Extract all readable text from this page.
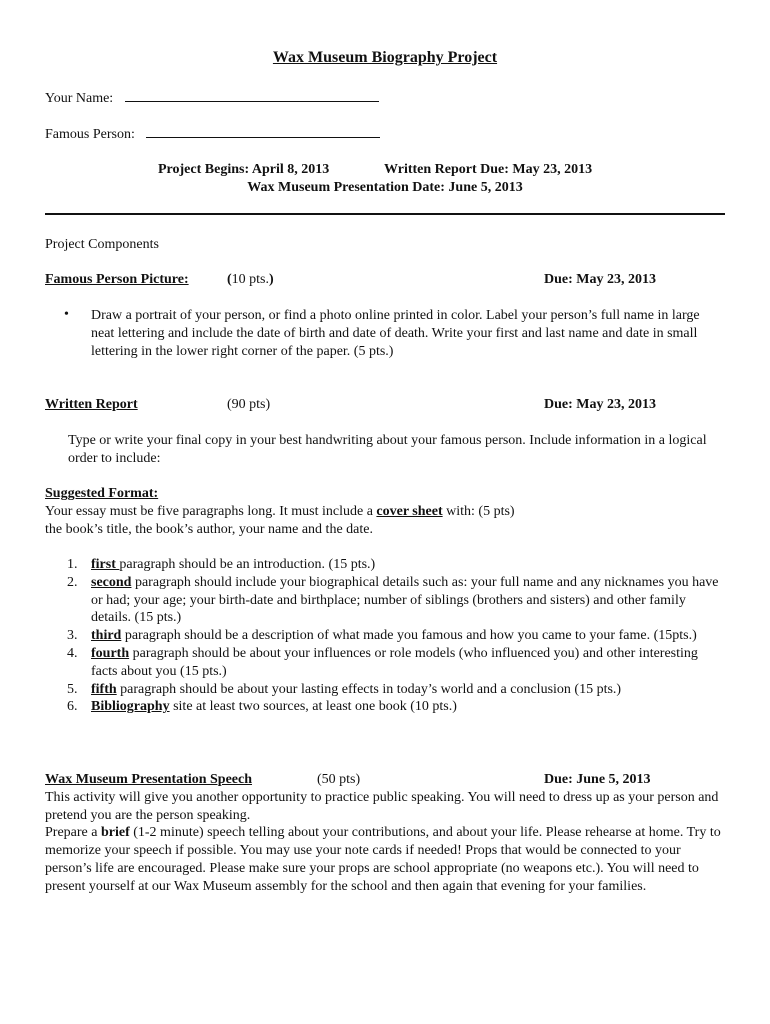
Wax Museum Biography Project
Your Name:
Famous Person:
Project Begins: April 8, 2013	Written Report Due: May 23, 2013
Wax Museum Presentation Date: June 5, 2013
Project Components
Famous Person Picture:	(10 pts.)	Due: May 23, 2013
• Draw a portrait of your person, or find a photo online printed in color. Label your person’s full name in large neat lettering and include the date of birth and date of death. Write your first and last name and date in small lettering in the lower right corner of the paper. (5 pts.)
Written Report	(90 pts)	Due: May 23, 2013
Type or write your final copy in your best handwriting about your famous person. Include information in a logical order to include:
Suggested Format:
Your essay must be five paragraphs long. It must include a cover sheet with: (5 pts)
the book’s title, the book’s author, your name and the date.
1. first paragraph should be an introduction. (15 pts.)
2. second paragraph should include your biographical details such as: your full name and any nicknames you have or had; your age; your birth-date and birthplace; number of siblings (brothers and sisters) and other family details. (15 pts.)
3. third paragraph should be a description of what made you famous and how you came to your fame. (15pts.)
4. fourth paragraph should be about your influences or role models (who influenced you) and other interesting facts about you (15 pts.)
5. fifth paragraph should be about your lasting effects in today’s world and a conclusion (15 pts.)
6. Bibliography site at least two sources, at least one book (10 pts.)
Wax Museum Presentation Speech	(50 pts)	Due: June 5, 2013
This activity will give you another opportunity to practice public speaking. You will need to dress up as your person and pretend you are the person speaking.
Prepare a brief (1-2 minute) speech telling about your contributions, and about your life. Please rehearse at home. Try to memorize your speech if possible. You may use your note cards if needed! Props that would be connected to your person’s life are encouraged. Please make sure your props are school appropriate (no weapons etc.). You will need to present yourself at our Wax Museum assembly for the school and then again that evening for your families.
